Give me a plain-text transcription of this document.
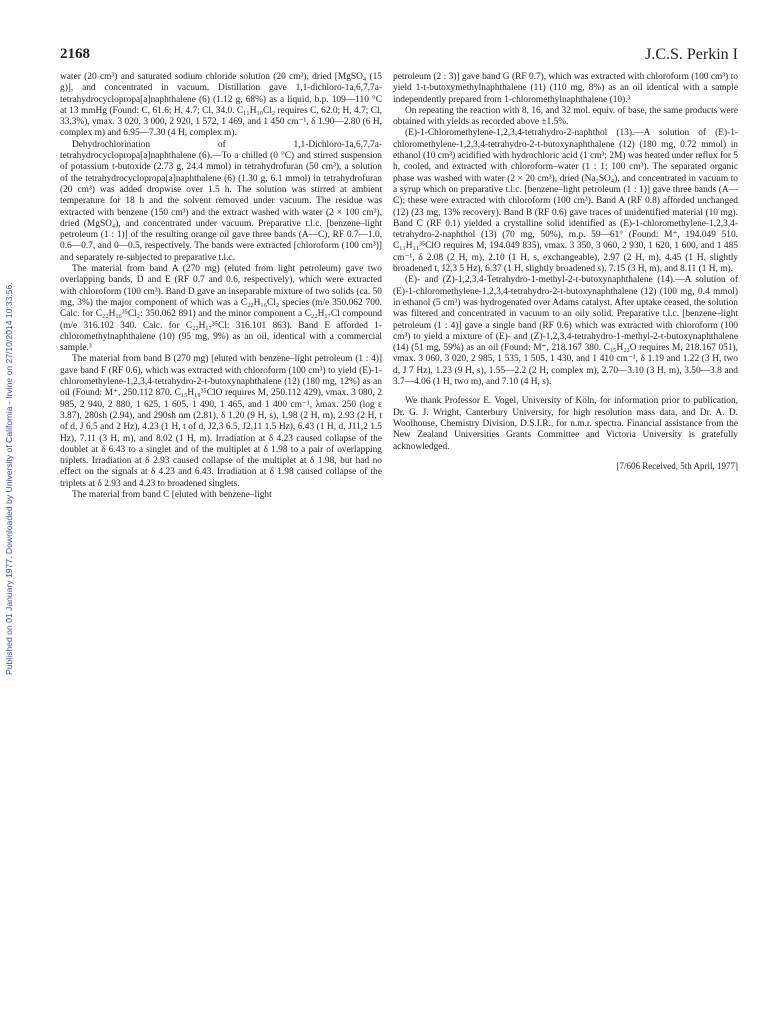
2168	J.C.S. Perkin I
Published on 01 January 1977. Downloaded by University of California - Irvine on 27/10/2014 10:33:56.

water (20 cm³) and saturated sodium chloride solution (20 cm³), dried [MgSO₄ (15 g)], and concentrated in vacuum. Distillation gave 1,1-dichloro-1a,6,7,7a-tetrahydrocyclopropa[a]naphthalene (6) (1.12 g, 68%) as a liquid, b.p. 109—110 °C at 13 mmHg (Found: C, 61.6; H, 4.7; Cl, 34.0. C₁₁H₁₀Cl₂ requires C, 62.0; H, 4.7; Cl, 33.3%), νmax. 3 020, 3 000, 2 920, 1 572, 1 469, and 1 450 cm⁻¹, δ 1.90—2.80 (6 H, complex m) and 6.95—7.30 (4 H, complex m).

Dehydrochlorination of 1,1-Dichloro-1a,6,7,7a-tetrahydrocyclopropa[a]naphthalene (6).—To a chilled (0 °C) and stirred suspension of potassium t-butoxide (2.73 g, 24.4 mmol) in tetrahydrofuran (50 cm³), a solution of the tetrahydrocyclopropa[a]naphthalene (6) (1.30 g, 6.1 mmol) in tetrahydrofuran (20 cm³) was added dropwise over 1.5 h. The solution was stirred at ambient temperature for 18 h and the solvent removed under vacuum. The residue was extracted with benzene (150 cm³) and the extract washed with water (2 × 100 cm³), dried (MgSO₄), and concentrated under vacuum. Preparative t.l.c. [benzene–light petroleum (1 : 1)] of the resulting orange oil gave three bands (A—C), RF 0.7—1.0, 0.6—0.7, and 0—0.5, respectively. The bands were extracted [chloroform (100 cm³)] and separately re-subjected to preparative t.l.c.

The material from band A (270 mg) (eluted from light petroleum) gave two overlapping bands, D and E (RF 0.7 and 0.6, respectively), which were extracted with chloroform (100 cm³). Band D gave an inseparable mixture of two solids (ca. 50 mg, 3%) the major component of which was a C₂₂H₁₆Cl₂ species (m/e 350.062 700. Calc. for C₂₂H₁₆³⁵Cl₂: 350.062 891) and the minor component a C₂₂H₁₇Cl compound (m/e 316.102 340. Calc. for C₂₂H₁₇³⁵Cl: 316.101 863). Band E afforded 1-chloromethylnaphthalene (10) (95 mg, 9%) as an oil, identical with a commercial sample.³

The material from band B (270 mg) [eluted with benzene–light petroleum (1 : 4)] gave band F (RF 0.6), which was extracted with chloroform (100 cm³) to yield (E)-1-chloromethylene-1,2,3,4-tetrahydro-2-t-butoxynaphthalene (12) (180 mg, 12%) as an oil (Found: M⁺, 250.112 870. C₁₅H₁₉³⁵ClO requires M, 250.112 429), νmax. 3 080, 2 985, 2 940, 2 880, 1 625, 1 605, 1 490, 1 465, and 1 400 cm⁻¹, λmax. 250 (log ε 3.87), 280sh (2.94), and 290sh nm (2.81), δ 1.20 (9 H, s), 1.98 (2 H, m), 2.93 (2 H, t of d, J 6.5 and 2 Hz), 4.23 (1 H, t of d, J2,3 6.5, J2,11 1.5 Hz), 6.43 (1 H, d, J11,2 1.5 Hz), 7.11 (3 H, m), and 8.02 (1 H, m). Irradiation at δ 4.23 caused collapse of the doublet at δ 6.43 to a singlet and of the multiplet at δ 1.98 to a pair of overlapping triplets. Irradiation at δ 2.93 caused collapse of the multiplet at δ 1.98, but had no effect on the signals at δ 4.23 and 6.43. Irradiation at δ 1.98 caused collapse of the triplets at δ 2.93 and 4.23 to broadened singlets.

The material from band C [eluted with benzene–light

petroleum (2 : 3)] gave band G (RF 0.7), which was extracted with chloroform (100 cm³) to yield 1-t-butoxymethylnaphthalene (11) (110 mg, 8%) as an oil identical with a sample independently prepared from 1-chloromethylnaphthalene (10).³

On repeating the reaction with 8, 16, and 32 mol. equiv. of base, the same products were obtained with yields as recorded above ±1.5%.

(E)-1-Chloromethylene-1,2,3,4-tetrahydro-2-naphthol (13).—A solution of (E)-1-chloromethylene-1,2,3,4-tetrahydro-2-t-butoxynaphthalene (12) (180 mg, 0.72 mmol) in ethanol (10 cm³) acidified with hydrochloric acid (1 cm³; 2M) was heated under reflux for 5 h, cooled, and extracted with chloroform–water (1 : 1; 100 cm³). The separated organic phase was washed with water (2 × 20 cm³), dried (Na₂SO₄), and concentrated in vacuum to a syrup which on preparative t.l.c. [benzene–light petroleum (1 : 1)] gave three bands (A—C); these were extracted with chloroform (100 cm³). Band A (RF 0.8) afforded unchanged (12) (23 mg, 13% recovery). Band B (RF 0.6) gave traces of unidentified material (10 mg). Band C (RF 0.1) yielded a crystalline solid identified as (E)-1-chloromethylene-1,2,3,4-tetrahydro-2-naphthol (13) (70 mg, 50%), m.p. 59—61° (Found: M⁺, 194.049 510. C₁₁H₁₁³⁵ClO requires M, 194.049 835), νmax. 3 350, 3 060, 2 930, 1 620, 1 600, and 1 485 cm⁻¹, δ 2.08 (2 H, m), 2.10 (1 H, s, exchangeable), 2.97 (2 H, m), 4.45 (1 H, slightly broadened t, J2,3 5 Hz), 6.37 (1 H, slightly broadened s), 7.15 (3 H, m), and 8.11 (1 H, m).

(E)- and (Z)-1,2,3,4-Tetrahydro-1-methyl-2-t-butoxynaphthalene (14).—A solution of (E)-1-chloromethylene-1,2,3,4-tetrahydro-2-t-butoxynaphthalene (12) (100 mg, 0.4 mmol) in ethanol (5 cm³) was hydrogenated over Adams catalyst. After uptake ceased, the solution was filtered and concentrated in vacuum to an oily solid. Preparative t.l.c. [benzene–light petroleum (1 : 4)] gave a single band (RF 0.6) which was extracted with chloroform (100 cm³) to yield a mixture of (E)- and (Z)-1,2,3,4-tetrahydro-1-methyl-2-t-butoxynaphthalene (14) (51 mg, 59%) as an oil (Found: M⁺, 218.167 380. C₁₅H₂₂O requires M, 218.167 051), νmax. 3 060, 3 020, 2 985, 1 535, 1 505, 1 430, and 1 410 cm⁻¹, δ 1.19 and 1.22 (3 H, two d, J 7 Hz), 1.23 (9 H, s), 1.55—2.2 (2 H, complex m), 2.70—3.10 (3 H, m), 3.50—3.8 and 3.7—4.06 (1 H, two m), and 7.10 (4 H, s).

We thank Professor E. Vogel, University of Köln, for information prior to publication, Dr. G. J. Wright, Canterbury University, for high resolution mass data, and Dr. A. D. Woolhouse, Chemistry Division, D.S.I.R., for n.m.r. spectra. Financial assistance from the New Zealand Universities Grants Committee and Victoria University is gratefully acknowledged.

[7/606 Received, 5th April, 1977]
